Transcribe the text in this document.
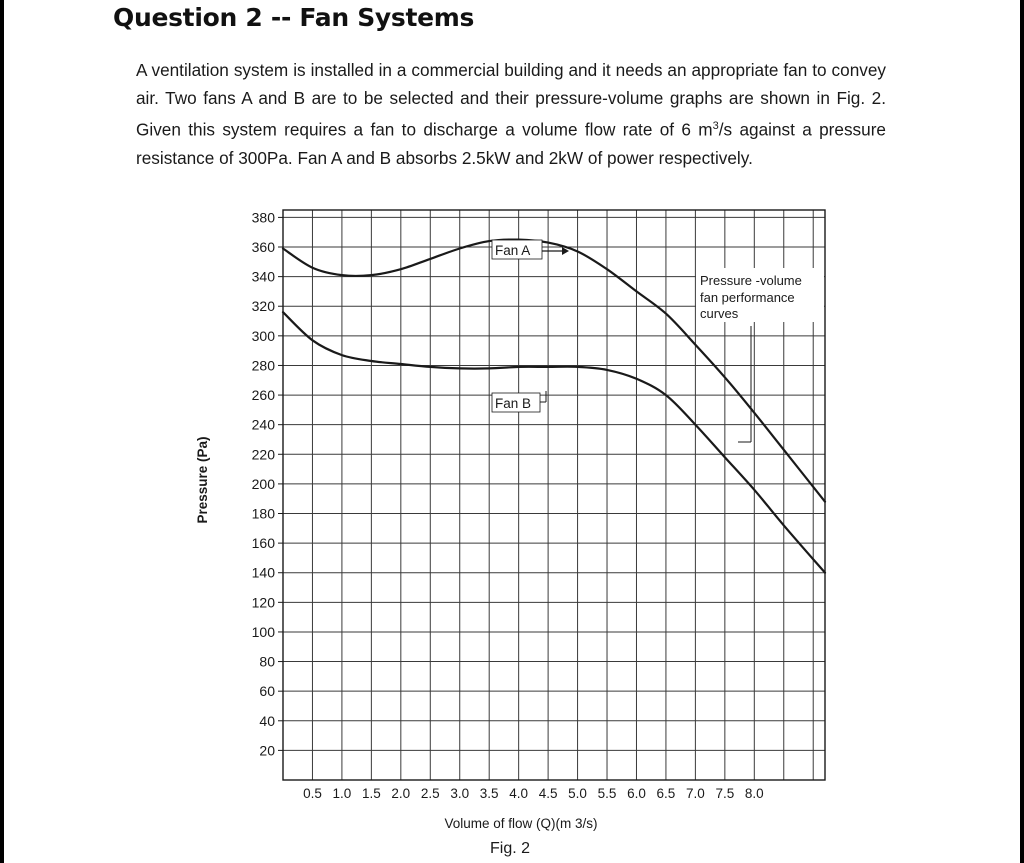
Question 2 -- Fan Systems

A ventilation system is installed in a commercial building and it needs an appropriate fan to convey air. Two fans A and B are to be selected and their pressure-volume graphs are shown in Fig. 2. Given this system requires a fan to discharge a volume flow rate of 6 $m^3/s$ against a pressure resistance of 300Pa. Fan A and B absorbs 2.5kW and 2kW of power respectively.

20
40
60
80
100
120
140
160
180
200
220
240
260
280
300
320
340
360
380
0.5 1.0 1.5 2.0 2.5 3.0 3.5 4.0 4.5 5.0 5.5 6.0 6.5 7.0 7.5 8.0
Fan A
Fan B
Pressure -volume
fan performance
curves
Pressure (Pa)
Volume of flow (Q)(m 3/s)
Fig. 2
